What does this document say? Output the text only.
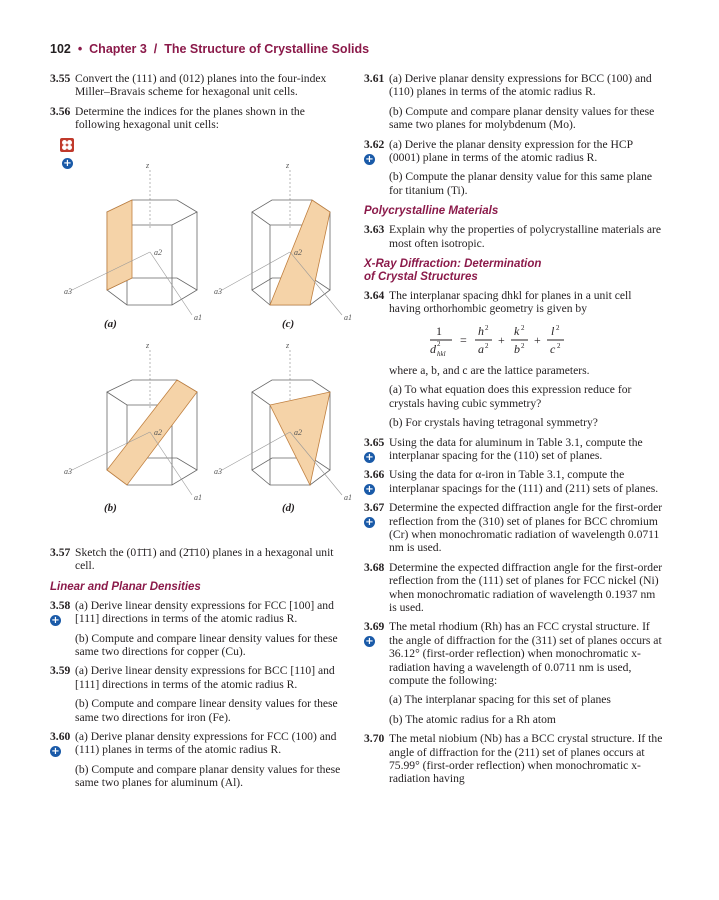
102 • Chapter 3 / The Structure of Crystalline Solids
3.55 Convert the (111) and (012) planes into the four-index Miller–Bravais scheme for hexagonal unit cells.
3.56 Determine the indices for the planes shown in the following hexagonal unit cells:
+	z
a2
a3
a1
z
a2
a3
a1
z
a2
a3
a1
z
a2
a3
a1
(a)	(c)
(b)	(d)
3.57 Sketch the (01̄1̄1) and (2̄1̄10) planes in a hexagonal unit cell.
Linear and Planar Densities
3.58
+
(a) Derive linear density expressions for FCC [100] and [111] directions in terms of the atomic radius R.
(b) Compute and compare linear density values for these same two directions for copper (Cu).
3.59 (a) Derive linear density expressions for BCC [110] and [111] directions in terms of the atomic radius R.
(b) Compute and compare linear density values for these same two directions for iron (Fe).
3.60
+
(a) Derive planar density expressions for FCC (100) and (111) planes in terms of the atomic radius R.
(b) Compute and compare planar density values for these same two planes for aluminum (Al).
3.61 (a) Derive planar density expressions for BCC (100) and (110) planes in terms of the atomic radius R.
(b) Compute and compare planar density values for these same two planes for molybdenum (Mo).
3.62
+
(a) Derive the planar density expression for the HCP (0001) plane in terms of the atomic radius R.
(b) Compute the planar density value for this same plane for titanium (Ti).
Polycrystalline Materials
3.63 Explain why the properties of polycrystalline materials are most often isotropic.
X-Ray Diffraction: Determination
of Crystal Structures
3.64 The interplanar spacing dhkl for planes in a unit cell having orthorhombic geometry is given by
1
d 2
hkl
=
h 2
a 2 +
k 2
b 2 +
l 2
c 2
where a, b, and c are the lattice parameters.
(a) To what equation does this expression reduce for crystals having cubic symmetry?
(b) For crystals having tetragonal symmetry?
3.65
+
Using the data for aluminum in Table 3.1, compute the interplanar spacing for the (110) set of planes.
3.66
+
Using the data for α-iron in Table 3.1, compute the interplanar spacings for the (111) and (211) sets of planes.
3.67
+
Determine the expected diffraction angle for the first-order reflection from the (310) set of planes for BCC chromium (Cr) when monochromatic radiation of wavelength 0.0711 nm is used.
3.68 Determine the expected diffraction angle for the first-order reflection from the (111) set of planes for FCC nickel (Ni) when monochromatic radiation of wavelength 0.1937 nm is used.
3.69
+
The metal rhodium (Rh) has an FCC crystal structure. If the angle of diffraction for the (311) set of planes occurs at 36.12° (first-order reflection) when monochromatic x-radiation having a wavelength of 0.0711 nm is used, compute the following:
(a) The interplanar spacing for this set of planes
(b) The atomic radius for a Rh atom
3.70 The metal niobium (Nb) has a BCC crystal structure. If the angle of diffraction for the (211) set of planes occurs at 75.99° (first-order reflection) when monochromatic x-radiation having
